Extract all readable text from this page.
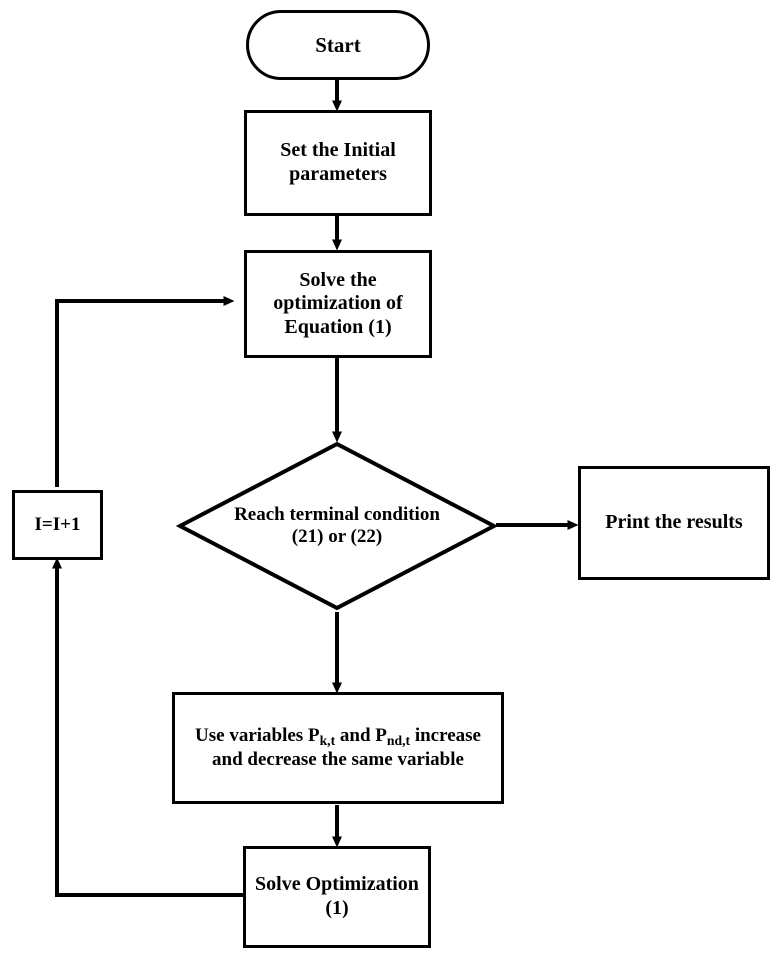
Start
Set the Initial parameters
Solve the optimization of Equation (1)
Reach terminal condition (21) or (22)
Print the results
Use variables $P_{k,t}$ and $P_{nd,t}$ increase and decrease the same variable
Solve Optimization (1)
I=I+1
